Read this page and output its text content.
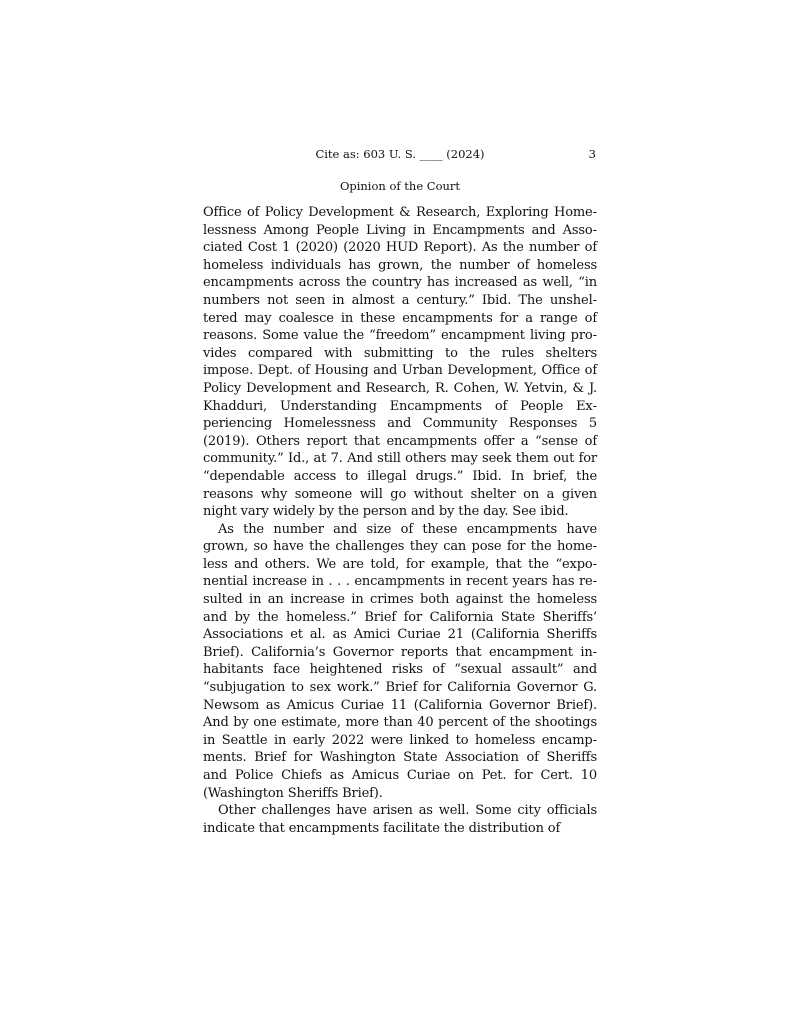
Cite as: 603 U. S. ____ (2024)	3
Opinion of the Court

Office of Policy Development & Research, Exploring Homelessness Among People Living in Encampments and Associated Cost 1 (2020) (2020 HUD Report). As the number of homeless individuals has grown, the number of homeless encampments across the country has increased as well, “in numbers not seen in almost a century.” Ibid. The unsheltered may coalesce in these encampments for a range of reasons. Some value the “freedom” encampment living provides compared with submitting to the rules shelters impose. Dept. of Housing and Urban Development, Office of Policy Development and Research, R. Cohen, W. Yetvin, & J. Khadduri, Understanding Encampments of People Experiencing Homelessness and Community Responses 5 (2019). Others report that encampments offer a “sense of community.” Id., at 7. And still others may seek them out for “dependable access to illegal drugs.” Ibid. In brief, the reasons why someone will go without shelter on a given night vary widely by the person and by the day. See ibid.

As the number and size of these encampments have grown, so have the challenges they can pose for the homeless and others. We are told, for example, that the “exponential increase in . . . encampments in recent years has resulted in an increase in crimes both against the homeless and by the homeless.” Brief for California State Sheriffs’ Associations et al. as Amici Curiae 21 (California Sheriffs Brief). California’s Governor reports that encampment inhabitants face heightened risks of “sexual assault” and “subjugation to sex work.” Brief for California Governor G. Newsom as Amicus Curiae 11 (California Governor Brief). And by one estimate, more than 40 percent of the shootings in Seattle in early 2022 were linked to homeless encampments. Brief for Washington State Association of Sheriffs and Police Chiefs as Amicus Curiae on Pet. for Cert. 10 (Washington Sheriffs Brief).

Other challenges have arisen as well. Some city officials indicate that encampments facilitate the distribution of
